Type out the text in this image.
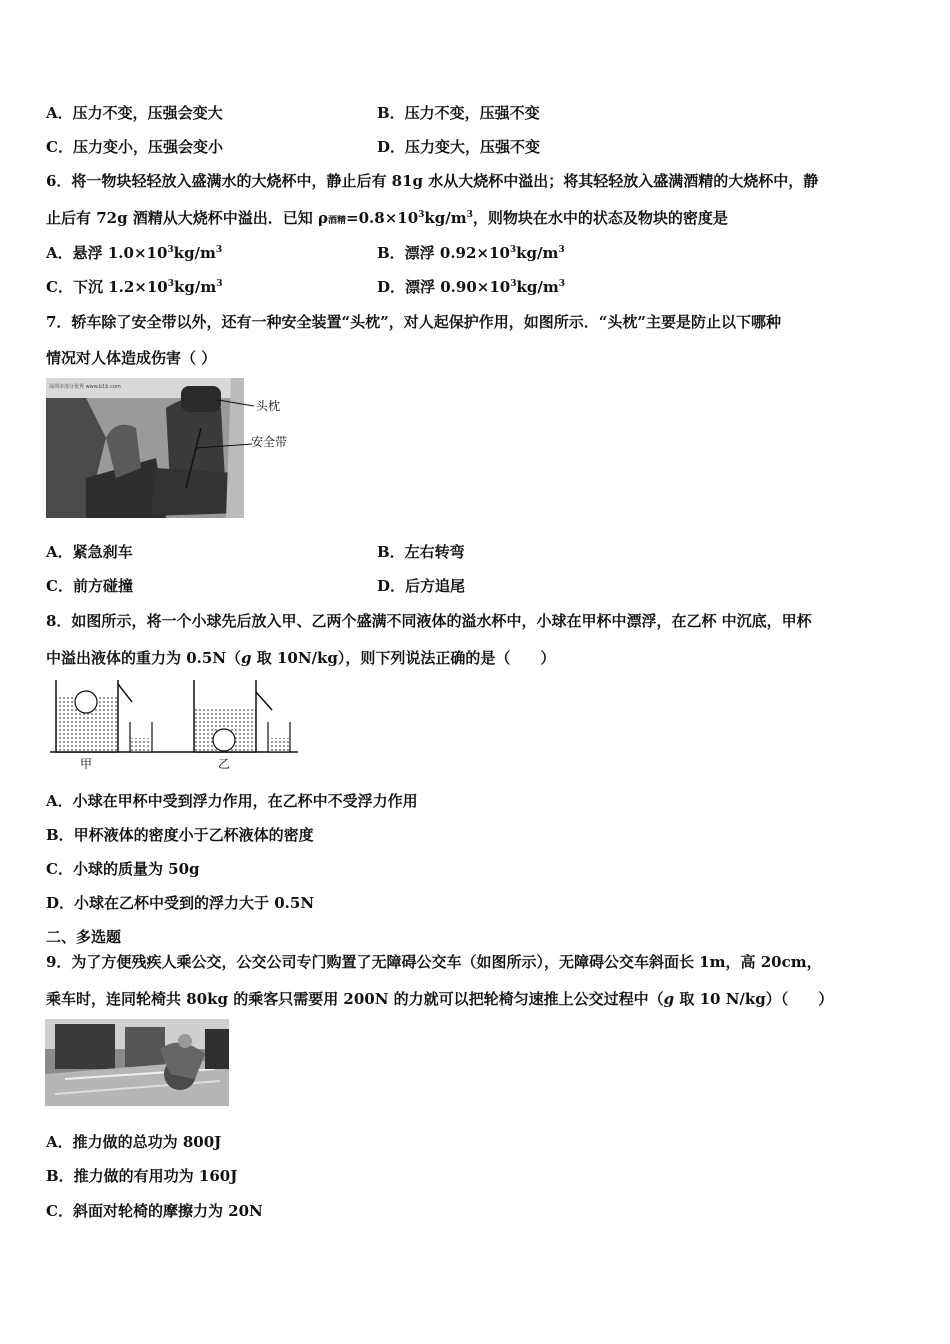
A．压力不变，压强会变大	B．压力不变，压强不变
C．压力变小，压强会变小	D．压力变大，压强不变
6．将一物块轻轻放入盛满水的大烧杯中，静止后有 81g 水从大烧杯中溢出；将其轻轻放入盛满酒精的大烧杯中，静
止后有 72g 酒精从大烧杯中溢出．已知 ρ酒精$=0.8\times 10^3kg/m^3$，则物块在水中的状态及物块的密度是
A．悬浮 $1.0\times 10^3kg/m^3$	B．漂浮 $0.92\times 10^3kg/m^3$
C．下沉 $1.2\times 10^3kg/m^3$	D．漂浮 $0.90\times 10^3kg/m^3$
7．轿车除了安全带以外，还有一种安全装置“头枕”，对人起保护作用，如图所示．“头枕”主要是防止以下哪种
情况对人体造成伤害（ ）
深圳市部分优秀 www.b1b.com
头枕
安全带
A．紧急刹车	B．左右转弯
C．前方碰撞	D．后方追尾
8．如图所示，将一个小球先后放入甲、乙两个盛满不同液体的溢水杯中，小球在甲杯中漂浮，在乙杯 中沉底，甲杯
中溢出液体的重力为 0.5N（g 取 10N/kg），则下列说法正确的是（　　）
甲	乙
A．小球在甲杯中受到浮力作用，在乙杯中不受浮力作用
B．甲杯液体的密度小于乙杯液体的密度
C．小球的质量为 50g
D．小球在乙杯中受到的浮力大于 0.5N
二、多选题
9．为了方便残疾人乘公交，公交公司专门购置了无障碍公交车（如图所示），无障碍公交车斜面长 1m，高 20cm，
乘车时，连同轮椅共 80kg 的乘客只需要用 200N 的力就可以把轮椅匀速推上公交过程中（g 取 10 N/kg）（　　）
A．推力做的总功为 800J
B．推力做的有用功为 160J
C．斜面对轮椅的摩擦力为 20N
